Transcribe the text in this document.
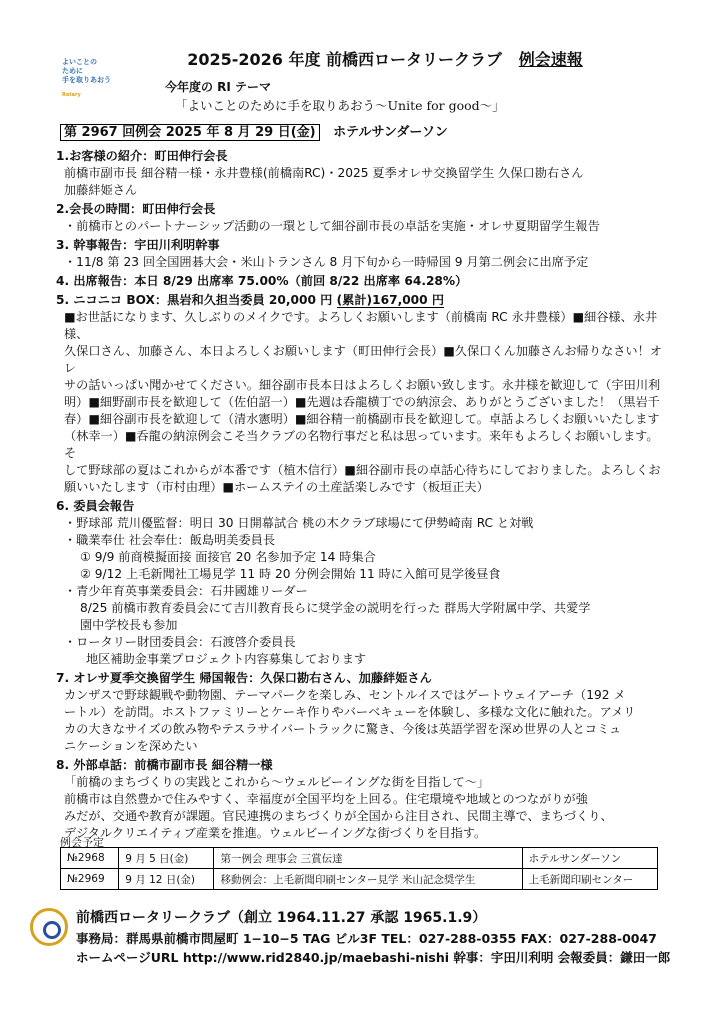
2025-2026 年度 前橋西ロータリークラブ 例会速報
よいことの
ために
手を取りあおう
Rotary
今年度の RI テーマ
「よいことのために手を取りあおう～Unite for good～」
第 2967 回例会 2025 年 8 月 29 日(金) ホテルサンダーソン
1.お客様の紹介：町田伸行会長
前橋市副市長 細谷精一様・永井豊様(前橋南RC)・2025 夏季オレサ交換留学生 久保口勘右さん
加藤絆姫さん
2.会長の時間：町田伸行会長
・前橋市とのパートナーシップ活動の一環として細谷副市長の卓話を実施・オレサ夏期留学生報告
3. 幹事報告：宇田川利明幹事
・11/8 第 23 回全国囲碁大会・米山トランさん 8 月下旬から一時帰国 9 月第二例会に出席予定
4. 出席報告：本日 8/29 出席率 75.00%（前回 8/22 出席率 64.28%）
5. ニコニコ BOX：黒岩和久担当委員 20,000 円 (累計)167,000 円
■お世話になります、久しぶりのメイクです。よろしくお願いします（前橋南 RC 永井豊様）■細谷様、永井様、
久保口さん、加藤さん、本日よろしくお願いします（町田伸行会長）■久保口くん加藤さんお帰りなさい！オレ
サの話いっぱい聞かせてください。細谷副市長本日はよろしくお願い致します。永井様を歓迎して（宇田川利
明）■細野副市長を歓迎して（佐伯詔一）■先週は呑龍横丁での納涼会、ありがとうございました！（黒岩千
春）■細谷副市長を歓迎して（清水憲明）■細谷精一前橋副市長を歓迎して。卓話よろしくお願いいたします
（林幸一）■呑龍の納涼例会こそ当クラブの名物行事だと私は思っています。来年もよろしくお願いします。そ
して野球部の夏はこれからが本番です（植木信行）■細谷副市長の卓話心待ちにしておりました。よろしくお
願いいたします（市村由理）■ホームステイの土産話楽しみです（板垣正夫）
6. 委員会報告
・野球部 荒川優監督：明日 30 日開幕試合 桃の木クラブ球場にて伊勢崎南 RC と対戦
・職業奉仕 社会奉仕：飯島明美委員長
① 9/9 前商模擬面接 面接官 20 名参加予定 14 時集合
② 9/12 上毛新聞社工場見学 11 時 20 分例会開始 11 時に入館可見学後昼食
・青少年育英事業委員会：石井國雄リーダー
8/25 前橋市教育委員会にて吉川教育長らに奨学金の説明を行った 群馬大学附属中学、共愛学
園中学校長も参加
・ロータリー財団委員会：石渡啓介委員長
地区補助金事業プロジェクト内容募集しております
7. オレサ夏季交換留学生 帰国報告：久保口勘右さん、加藤絆姫さん
カンザスで野球観戦や動物園、テーマパークを楽しみ、セントルイスではゲートウェイアーチ（192 メ
ートル）を訪問。ホストファミリーとケーキ作りやバーベキューを体験し、多様な文化に触れた。アメリ
カの大きなサイズの飲み物やテスラサイバートラックに驚き、今後は英語学習を深め世界の人とコミュ
ニケーションを深めたい
8. 外部卓話：前橋市副市長 細谷精一様
「前橋のまちづくりの実践とこれから～ウェルビーイングな街を目指して～」
前橋市は自然豊かで住みやすく、幸福度が全国平均を上回る。住宅環境や地域とのつながりが強
みだが、交通や教育が課題。官民連携のまちづくりが全国から注目され、民間主導で、まちづくり、
デジタルクリエイティブ産業を推進。ウェルビーイングな街づくりを目指す。
例会予定
№2968	9 月 5 日(金)	第一例会 理事会 三賞伝達	ホテルサンダーソン
№2969	9 月 12 日(金)	移動例会：上毛新聞印刷センター見学 米山記念奨学生	上毛新聞印刷センター
前橋西ロータリークラブ（創立 1964.11.27 承認 1965.1.9）
事務局：群馬県前橋市問屋町 1−10−5 TAG ビル3F TEL：027-288-0355 FAX：027-288-0047
ホームページURL http://www.rid2840.jp/maebashi-nishi 幹事：宇田川利明 会報委員：鎌田一郎
